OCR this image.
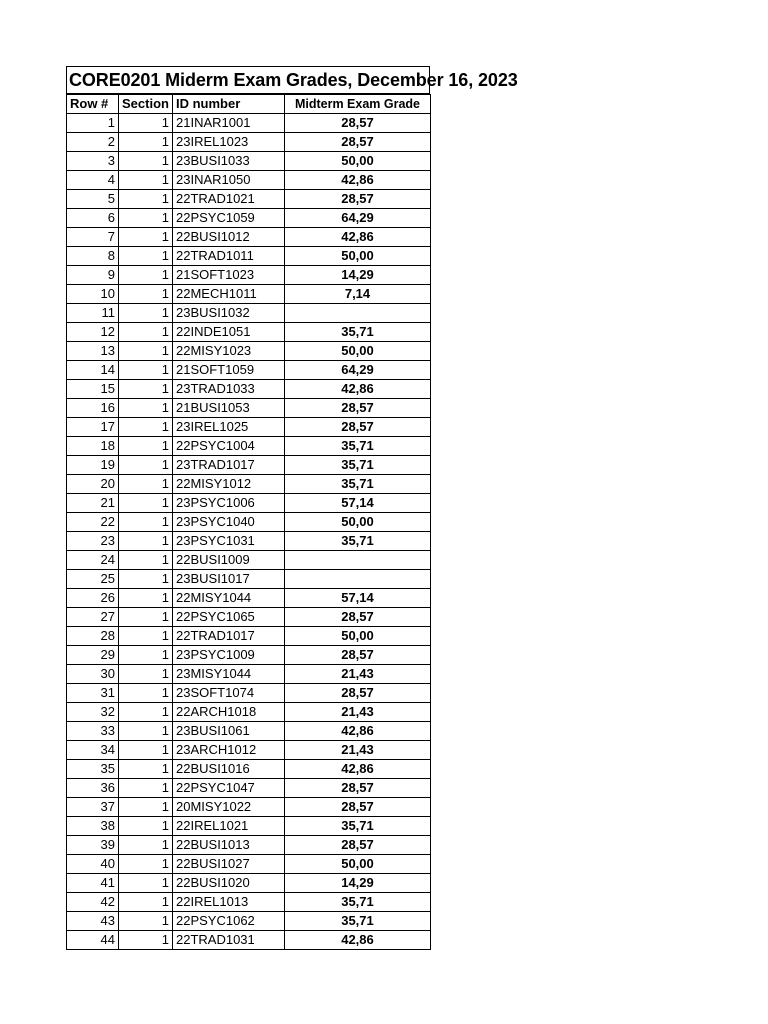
CORE0201 Miderm Exam Grades, December 16, 2023
Row #	Section	ID number	Midterm Exam Grade
1	1	21INAR1001	28,57
2	1	23IREL1023	28,57
3	1	23BUSI1033	50,00
4	1	23INAR1050	42,86
5	1	22TRAD1021	28,57
6	1	22PSYC1059	64,29
7	1	22BUSI1012	42,86
8	1	22TRAD1011	50,00
9	1	21SOFT1023	14,29
10	1	22MECH1011	7,14
11	1	23BUSI1032	
12	1	22INDE1051	35,71
13	1	22MISY1023	50,00
14	1	21SOFT1059	64,29
15	1	23TRAD1033	42,86
16	1	21BUSI1053	28,57
17	1	23IREL1025	28,57
18	1	22PSYC1004	35,71
19	1	23TRAD1017	35,71
20	1	22MISY1012	35,71
21	1	23PSYC1006	57,14
22	1	23PSYC1040	50,00
23	1	23PSYC1031	35,71
24	1	22BUSI1009	
25	1	23BUSI1017	
26	1	22MISY1044	57,14
27	1	22PSYC1065	28,57
28	1	22TRAD1017	50,00
29	1	23PSYC1009	28,57
30	1	23MISY1044	21,43
31	1	23SOFT1074	28,57
32	1	22ARCH1018	21,43
33	1	23BUSI1061	42,86
34	1	23ARCH1012	21,43
35	1	22BUSI1016	42,86
36	1	22PSYC1047	28,57
37	1	20MISY1022	28,57
38	1	22IREL1021	35,71
39	1	22BUSI1013	28,57
40	1	22BUSI1027	50,00
41	1	22BUSI1020	14,29
42	1	22IREL1013	35,71
43	1	22PSYC1062	35,71
44	1	22TRAD1031	42,86
